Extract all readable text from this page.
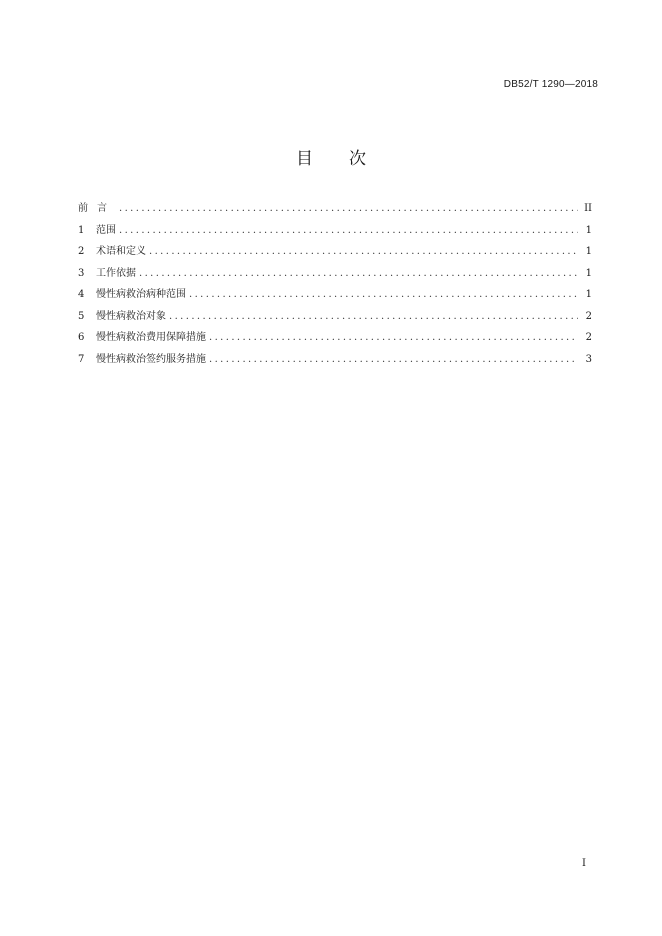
DB52/T 1290—2018
目 次
前言 .....	II
1	范围 .....	1
2	术语和定义 .....	1
3	工作依据 .....	1
4	慢性病救治病种范围 .....	1
5	慢性病救治对象 .....	2
6	慢性病救治费用保障措施 .....	2
7	慢性病救治签约服务措施 .....	3
I
